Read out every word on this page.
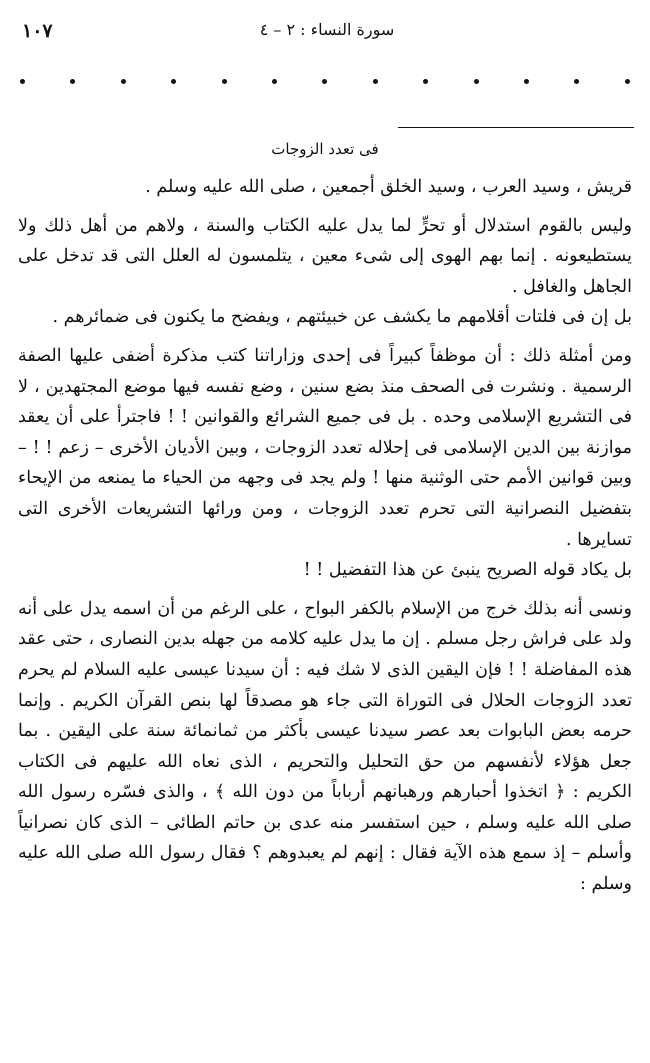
١٠٧	سورة النساء : ٢ – ٤
فى تعدد الزوجات

قريش ، وسيد العرب ، وسيد الخلق أجمعين ، صلى الله عليه وسلم .

وليس بالقوم استدلال أو تحرٍّ لما يدل عليه الكتاب والسنة ، ولاهم من أهل ذلك ولا يستطيعونه . إنما بهم الهوى إلى شىء معين ، يتلمسون له العلل التى قد تدخل على الجاهل والغافل .

بل إن فى فلتات أقلامهم ما يكشف عن خبيئتهم ، ويفضح ما يكنون فى ضمائرهم .

ومن أمثلة ذلك : أن موظفاً كبيراً فى إحدى وزاراتنا كتب مذكرة أضفى عليها الصفة الرسمية . ونشرت فى الصحف منذ بضع سنين ، وضع نفسه فيها موضع المجتهدين ، لا فى التشريع الإسلامى وحده . بل فى جميع الشرائع والقوانين ! ! فاجترأ على أن يعقد موازنة بين الدين الإسلامى فى إحلاله تعدد الزوجات ، وبين الأديان الأخرى – زعم ! ! – وبين قوانين الأمم حتى الوثنية منها ! ولم يجد فى وجهه من الحياء ما يمنعه من الإيحاء بتفضيل النصرانية التى تحرم تعدد الزوجات ، ومن ورائها التشريعات الأخرى التى تسايرها .

بل يكاد قوله الصريح ينبئ عن هذا التفضيل ! !

ونسى أنه بذلك خرج من الإسلام بالكفر البواح ، على الرغم من أن اسمه يدل على أنه ولد على فراش رجل مسلم . إن ما يدل عليه كلامه من جهله بدين النصارى ، حتى عقد هذه المفاضلة ! ! فإن اليقين الذى لا شك فيه : أن سيدنا عيسى عليه السلام لم يحرم تعدد الزوجات الحلال فى التوراة التى جاء هو مصدقاً لها بنص القرآن الكريم . وإنما حرمه بعض البابوات بعد عصر سيدنا عيسى بأكثر من ثمانمائة سنة على اليقين . بما جعل هؤلاء لأنفسهم من حق التحليل والتحريم ، الذى نعاه الله عليهم فى الكتاب الكريم : ﴿ اتخذوا أحبارهم ورهبانهم أرباباً من دون الله ﴾ ، والذى فسّره رسول الله صلى الله عليه وسلم ، حين استفسر منه عدى بن حاتم الطائى – الذى كان نصرانياً وأسلم – إذ سمع هذه الآية فقال : إنهم لم يعبدوهم ؟ فقال رسول الله صلى الله عليه وسلم :
